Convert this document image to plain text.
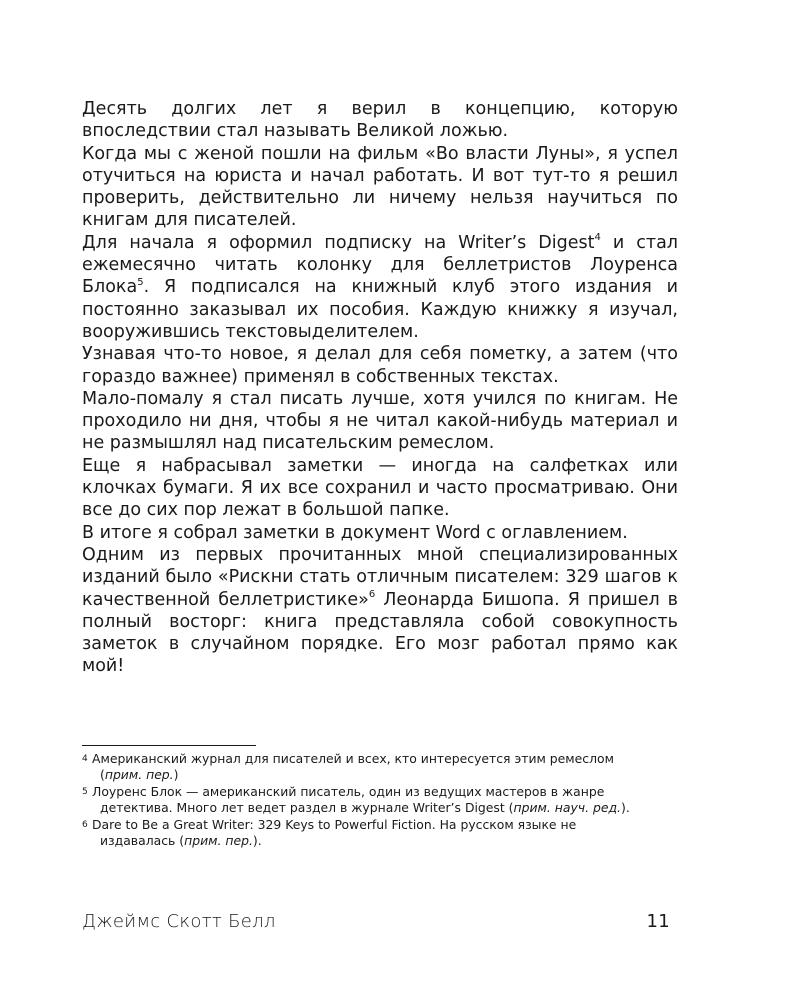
Десять долгих лет я верил в концепцию, которую впоследствии стал называть Великой ложью.

Когда мы с женой пошли на фильм «Во власти Луны», я успел отучиться на юриста и начал работать. И вот тут-то я решил проверить, действительно ли ничему нельзя научиться по книгам для писателей.

Для начала я оформил подписку на Writer’s Digest$^4$ и стал ежемесячно читать колонку для беллетристов Лоуренса Блока$^5$. Я подписался на книжный клуб этого издания и постоянно заказывал их пособия. Каждую книжку я изучал, вооружившись текстовыделителем.

Узнавая что-то новое, я делал для себя пометку, а затем (что гораздо важнее) применял в собственных текстах.

Мало-помалу я стал писать лучше, хотя учился по книгам. Не проходило ни дня, чтобы я не читал какой-нибудь материал и не размышлял над писательским ремеслом.

Еще я набрасывал заметки — иногда на салфетках или клочках бумаги. Я их все сохранил и часто просматриваю. Они все до сих пор лежат в большой папке.

В итоге я собрал заметки в документ Word с оглавлением.

Одним из первых прочитанных мной специализированных изданий было «Рискни стать отличным писателем: 329 шагов к качественной беллетристике»$^6$ Леонарда Бишопа. Я пришел в полный восторг: книга представляла собой совокупность заметок в случайном порядке. Его мозг работал прямо как мой!

4 Американский журнал для писателей и всех, кто интересуется этим ремеслом (прим. пер.)

5 Лоуренс Блок — американский писатель, один из ведущих мастеров в жанре детектива. Много лет ведет раздел в журнале Writer’s Digest (прим. науч. ред.).

6 Dare to Be a Great Writer: 329 Keys to Powerful Fiction. На русском языке не издавалась (прим. пер.).

Джеймс Скотт Белл	11
